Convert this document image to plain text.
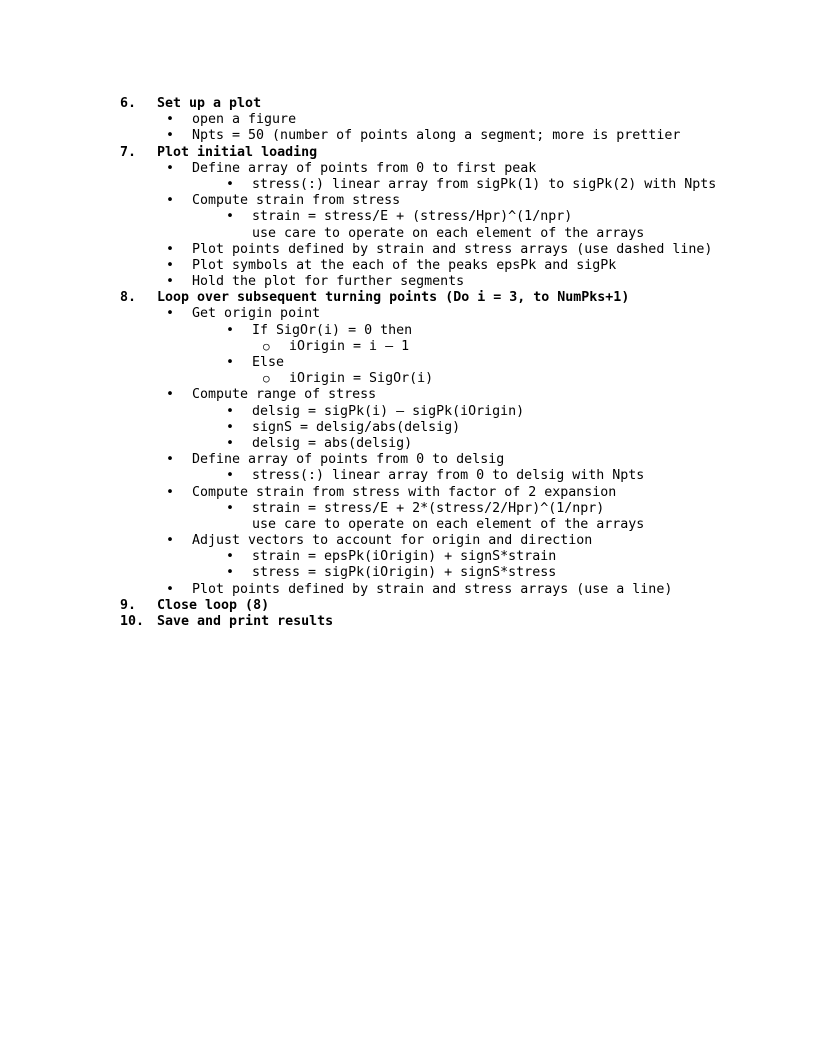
6. Set up a plot
• open a figure
• Npts = 50 (number of points along a segment; more is prettier
7. Plot initial loading
• Define array of points from 0 to first peak
• stress(:) linear array from sigPk(1) to sigPk(2) with Npts
• Compute strain from stress
• strain = stress/E + (stress/Hpr)^(1/npr)
use care to operate on each element of the arrays
• Plot points defined by strain and stress arrays (use dashed line)
• Plot symbols at the each of the peaks epsPk and sigPk
• Hold the plot for further segments
8. Loop over subsequent turning points (Do i = 3, to NumPks+1)
• Get origin point
• If SigOr(i) = 0 then
○ iOrigin = i – 1
• Else
○ iOrigin = SigOr(i)
• Compute range of stress
• delsig = sigPk(i) – sigPk(iOrigin)
• signS = delsig/abs(delsig)
• delsig = abs(delsig)
• Define array of points from 0 to delsig
• stress(:) linear array from 0 to delsig with Npts
• Compute strain from stress with factor of 2 expansion
• strain = stress/E + 2*(stress/2/Hpr)^(1/npr)
use care to operate on each element of the arrays
• Adjust vectors to account for origin and direction
• strain = epsPk(iOrigin) + signS*strain
• stress = sigPk(iOrigin) + signS*stress
• Plot points defined by strain and stress arrays (use a line)
9. Close loop (8)
10. Save and print results
